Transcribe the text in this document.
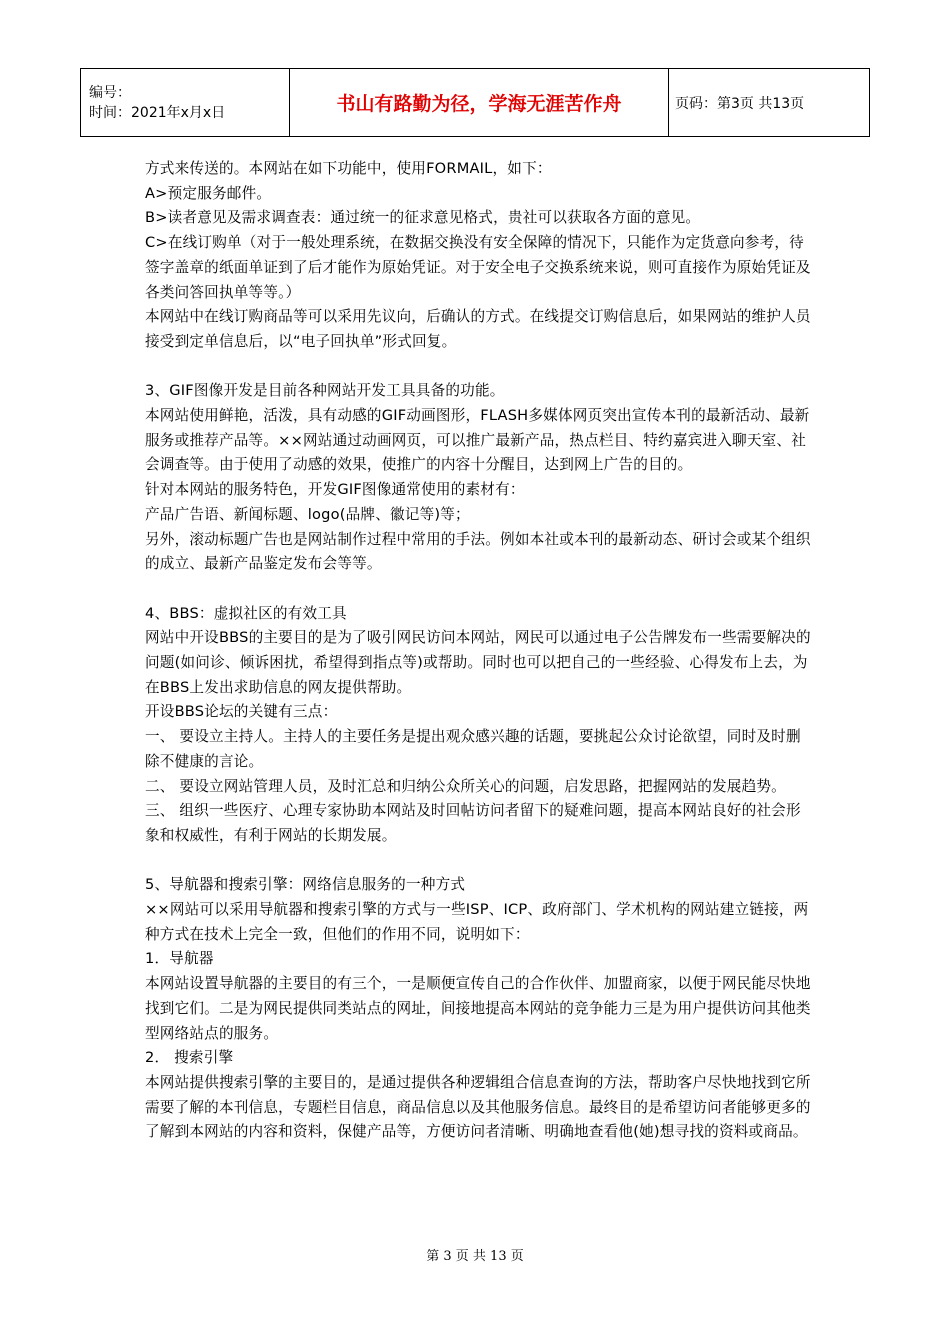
编号：
时间：2021年x月x日	书山有路勤为径，学海无涯苦作舟	页码：第3页 共13页

方式来传送的。本网站在如下功能中，使用FORMAIL，如下：

A>预定服务邮件。

B>读者意见及需求调查表：通过统一的征求意见格式，贵社可以获取各方面的意见。

C>在线订购单（对于一般处理系统，在数据交换没有安全保障的情况下，只能作为定货意向参考，待签字盖章的纸面单证到了后才能作为原始凭证。对于安全电子交换系统来说，则可直接作为原始凭证及各类问答回执单等等。）

本网站中在线订购商品等可以采用先议向，后确认的方式。在线提交订购信息后，如果网站的维护人员接受到定单信息后，以“电子回执单”形式回复。

3、GIF图像开发是目前各种网站开发工具具备的功能。

本网站使用鲜艳，活泼，具有动感的GIF动画图形，FLASH多媒体网页突出宣传本刊的最新活动、最新服务或推荐产品等。××网站通过动画网页，可以推广最新产品，热点栏目、特约嘉宾进入聊天室、社会调查等。由于使用了动感的效果，使推广的内容十分醒目，达到网上广告的目的。

针对本网站的服务特色，开发GIF图像通常使用的素材有：

产品广告语、新闻标题、logo(品牌、徽记等)等；

另外，滚动标题广告也是网站制作过程中常用的手法。例如本社或本刊的最新动态、研讨会或某个组织的成立、最新产品鉴定发布会等等。

4、BBS：虚拟社区的有效工具

网站中开设BBS的主要目的是为了吸引网民访问本网站，网民可以通过电子公告牌发布一些需要解决的问题(如问诊、倾诉困扰，希望得到指点等)或帮助。同时也可以把自己的一些经验、心得发布上去，为在BBS上发出求助信息的网友提供帮助。

开设BBS论坛的关键有三点：

一、 要设立主持人。主持人的主要任务是提出观众感兴趣的话题，要挑起公众讨论欲望，同时及时删除不健康的言论。

二、 要设立网站管理人员，及时汇总和归纳公众所关心的问题，启发思路，把握网站的发展趋势。

三、 组织一些医疗、心理专家协助本网站及时回帖访问者留下的疑难问题，提高本网站良好的社会形象和权威性，有利于网站的长期发展。

5、导航器和搜索引擎：网络信息服务的一种方式

××网站可以采用导航器和搜索引擎的方式与一些ISP、ICP、政府部门、学术机构的网站建立链接，两种方式在技术上完全一致，但他们的作用不同，说明如下：

1．导航器

本网站设置导航器的主要目的有三个，一是顺便宣传自己的合作伙伴、加盟商家，以便于网民能尽快地找到它们。二是为网民提供同类站点的网址，间接地提高本网站的竞争能力三是为用户提供访问其他类型网络站点的服务。

2． 搜索引擎

本网站提供搜索引擎的主要目的，是通过提供各种逻辑组合信息查询的方法，帮助客户尽快地找到它所需要了解的本刊信息，专题栏目信息，商品信息以及其他服务信息。最终目的是希望访问者能够更多的了解到本网站的内容和资料，保健产品等，方便访问者清晰、明确地查看他(她)想寻找的资料或商品。

第 3 页 共 13 页
